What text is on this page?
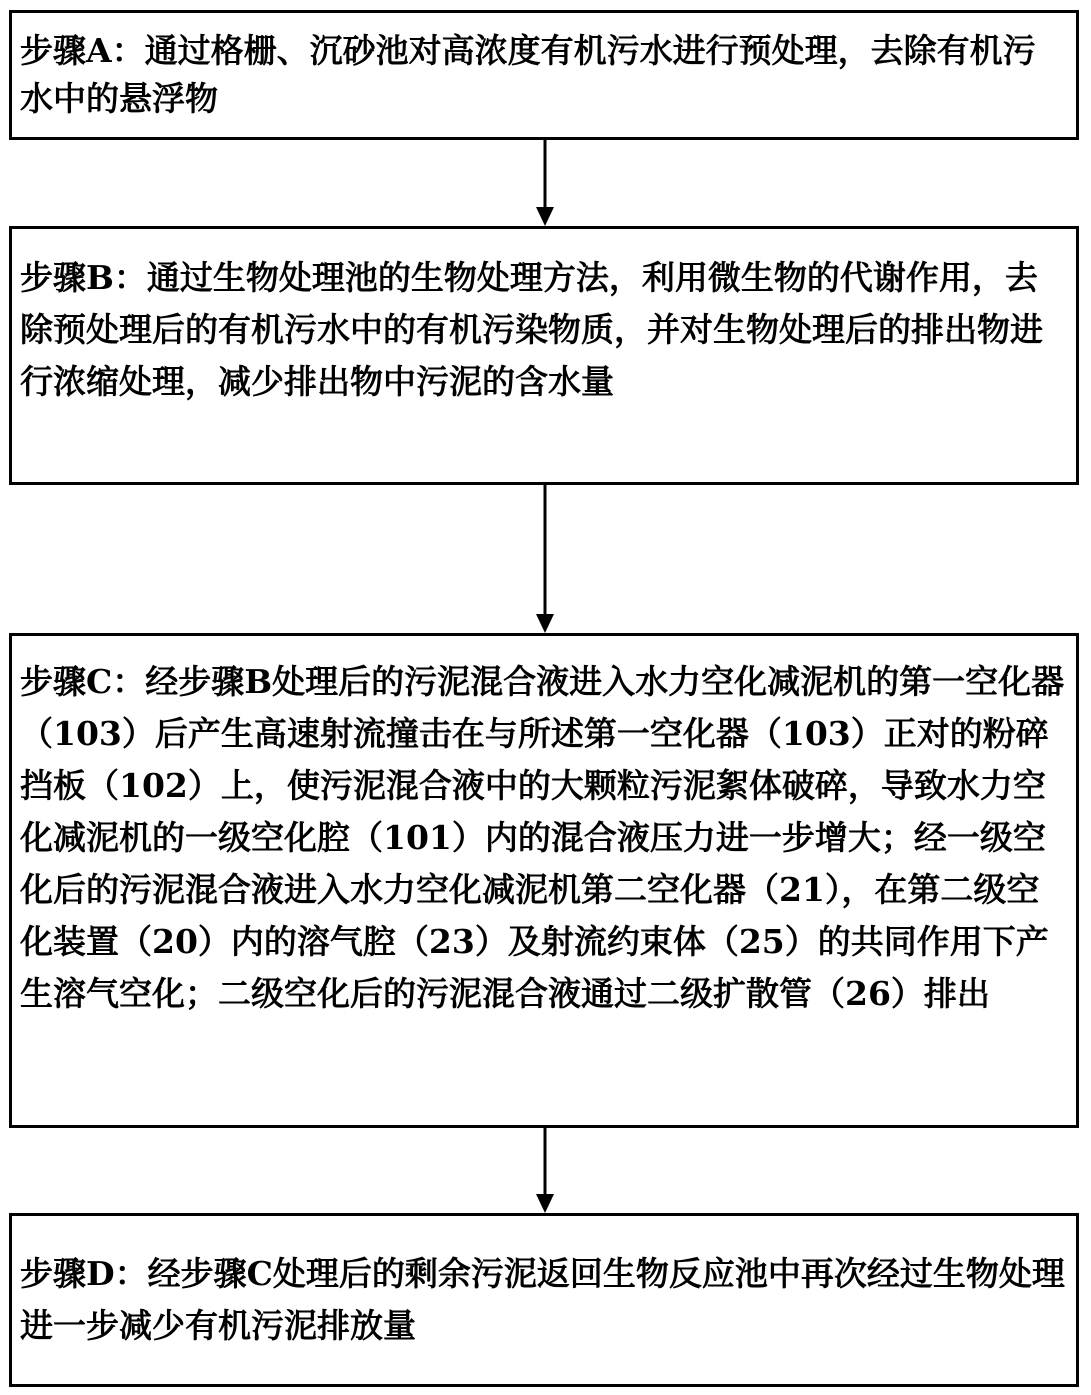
步骤A：通过格栅、沉砂池对高浓度有机污水进行预处理，去除有机污水中的悬浮物

步骤B：通过生物处理池的生物处理方法，利用微生物的代谢作用，去除预处理后的有机污水中的有机污染物质，并对生物处理后的排出物进行浓缩处理，减少排出物中污泥的含水量

步骤C：经步骤B处理后的污泥混合液进入水力空化减泥机的第一空化器（103）后产生高速射流撞击在与所述第一空化器（103）正对的粉碎挡板（102）上，使污泥混合液中的大颗粒污泥絮体破碎，导致水力空化减泥机的一级空化腔（101）内的混合液压力进一步增大；经一级空化后的污泥混合液进入水力空化减泥机第二空化器（21），在第二级空化装置（20）内的溶气腔（23）及射流约束体（25）的共同作用下产生溶气空化；二级空化后的污泥混合液通过二级扩散管（26）排出

步骤D：经步骤C处理后的剩余污泥返回生物反应池中再次经过生物处理进一步减少有机污泥排放量
